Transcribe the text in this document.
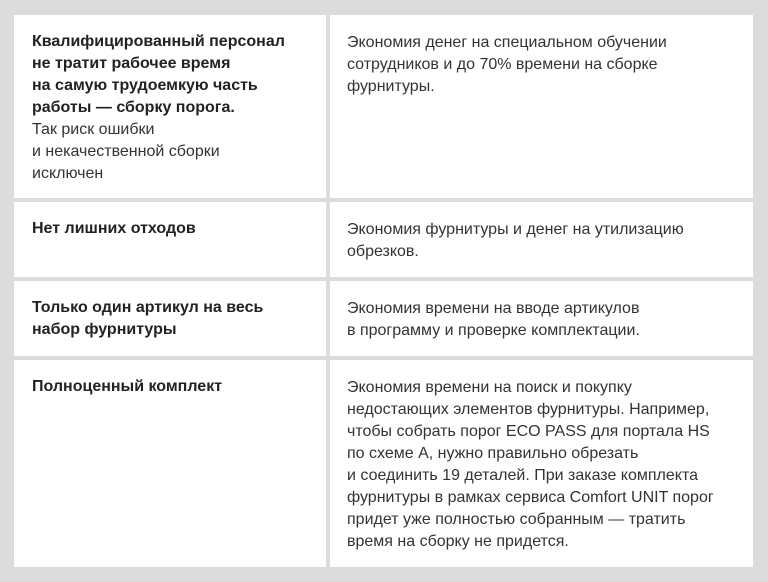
Квалифицированный персонал
не тратит рабочее время
на самую трудоемкую часть
работы — сборку порога.
Так риск ошибки
и некачественной сборки
исключен
Экономия денег на специальном обучении
сотрудников и до 70% времени на сборке
фурнитуры.
Нет лишних отходов	Экономия фурнитуры и денег на утилизацию
обрезков.
Только один артикул на весь
набор фурнитуры
Экономия времени на вводе артикулов
в программу и проверке комплектации.
Полноценный комплект	Экономия времени на поиск и покупку
недостающих элементов фурнитуры. Например,
чтобы собрать порог ECO PASS для портала HS
по схеме А, нужно правильно обрезать
и соединить 19 деталей. При заказе комплекта
фурнитуры в рамках сервиса Comfort UNIT порог
придет уже полностью собранным — тратить
время на сборку не придется.
